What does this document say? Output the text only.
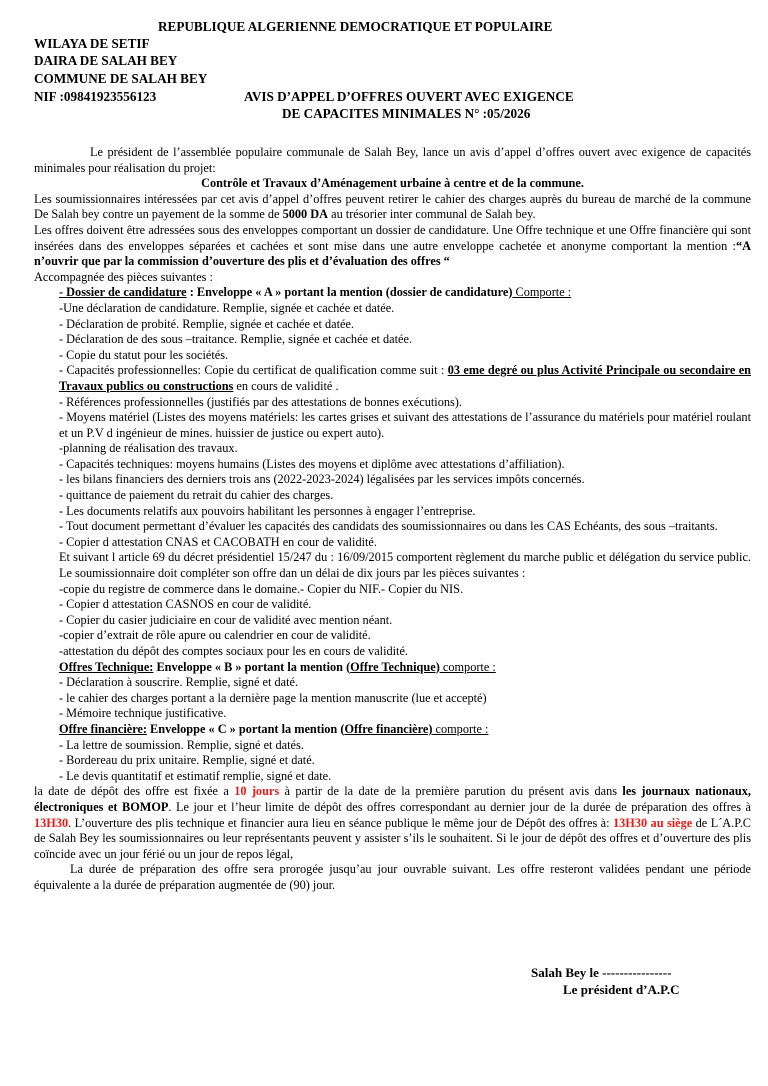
REPUBLIQUE ALGERIENNE DEMOCRATIQUE ET POPULAIRE
WILAYA DE SETIF
DAIRA DE SALAH BEY
COMMUNE DE SALAH BEY
NIF :09841923556123	AVIS D’APPEL D’OFFRES OUVERT AVEC EXIGENCE
DE CAPACITES MINIMALES N° :05/2026
Le président de l’assemblée populaire communale de Salah Bey, lance un avis d’appel d’offres ouvert avec exigence de capacités minimales pour réalisation du projet:
Contrôle et Travaux d’Aménagement urbaine à centre et de la commune.
Les soumissionnaires intéressées par cet avis d’appel d’offres peuvent retirer le cahier des charges auprès du bureau de marché de la commune De Salah bey contre un payement de la somme de 5000 DA au trésorier inter communal de Salah bey.
Les offres doivent être adressées sous des enveloppes comportant un dossier de candidature. Une Offre technique et une Offre financière qui sont insérées dans des enveloppes séparées et cachées et sont mise dans une autre enveloppe cachetée et anonyme comportant la mention :“A n’ouvrir que par la commission d’ouverture des plis et d’évaluation des offres “
Accompagnée des pièces suivantes :
- Dossier de candidature : Enveloppe « A » portant la mention (dossier de candidature) Comporte :
-Une déclaration de candidature. Remplie, signée et cachée et datée.
- Déclaration de probité. Remplie, signée et cachée et datée.
- Déclaration de des sous –traitance. Remplie, signée et cachée et datée.
- Copie du statut pour les sociétés.
- Capacités professionnelles: Copie du certificat de qualification comme suit : 03 eme degré ou plus Activité Principale ou secondaire en Travaux publics ou constructions en cours de validité .
- Références professionnelles (justifiés par des attestations de bonnes exécutions).
- Moyens matériel (Listes des moyens matériels: les cartes grises et suivant des attestations de l’assurance du matériels pour matériel roulant et un P.V d ingénieur de mines. huissier de justice ou expert auto).
-planning de réalisation des travaux.
- Capacités techniques: moyens humains (Listes des moyens et diplôme avec attestations d’affiliation).
- les bilans financiers des derniers trois ans (2022-2023-2024) légalisées par les services impôts concernés.
- quittance de paiement du retrait du cahier des charges.
- Les documents relatifs aux pouvoirs habilitant les personnes à engager l’entreprise.
- Tout document permettant d’évaluer les capacités des candidats des soumissionnaires ou dans les CAS Echéants, des sous –traitants.
- Copier d attestation CNAS et CACOBATH en cour de validité.
Et suivant l article 69 du décret présidentiel 15/247 du : 16/09/2015 comportent règlement du marche public et délégation du service public. Le soumissionnaire doit compléter son offre dan un délai de dix jours par les pièces suivantes :
-copie du registre de commerce dans le domaine.- Copier du NIF.- Copier du NIS.
- Copier d attestation CASNOS en cour de validité.
- Copier du casier judiciaire en cour de validité avec mention néant.
-copier d’extrait de rôle apure ou calendrier en cour de validité.
-attestation du dépôt des comptes sociaux pour les en cours de validité.
Offres Technique: Enveloppe « B » portant la mention (Offre Technique) comporte :
- Déclaration à souscrire. Remplie, signé et daté.
- le cahier des charges portant a la dernière page la mention manuscrite (lue et accepté)
- Mémoire technique justificative.
Offre financière: Enveloppe « C » portant la mention (Offre financière) comporte :
- La lettre de soumission. Remplie, signé et datés.
- Bordereau du prix unitaire. Remplie, signé et daté.
- Le devis quantitatif et estimatif remplie, signé et date.
la date de dépôt des offre est fixée a 10 jours à partir de la date de la première parution du présent avis dans les journaux nationaux, électroniques et BOMOP. Le jour et l’heur limite de dépôt des offres correspondant au dernier jour de la durée de préparation des offres à 13H30. L’ouverture des plis technique et financier aura lieu en séance publique le même jour de Dépôt des offres à: 13H30 au siège de L´A.P.C de Salah Bey les soumissionnaires ou leur représentants peuvent y assister s’ils le souhaitent. Si le jour de dépôt des offres et d’ouverture des plis coïncide avec un jour férié ou un jour de repos légal,
La durée de préparation des offre sera prorogée jusqu’au jour ouvrable suivant. Les offre resteront validées pendant une période équivalente a la durée de préparation augmentée de (90) jour.
Salah Bey le ----------------
Le président d’A.P.C
